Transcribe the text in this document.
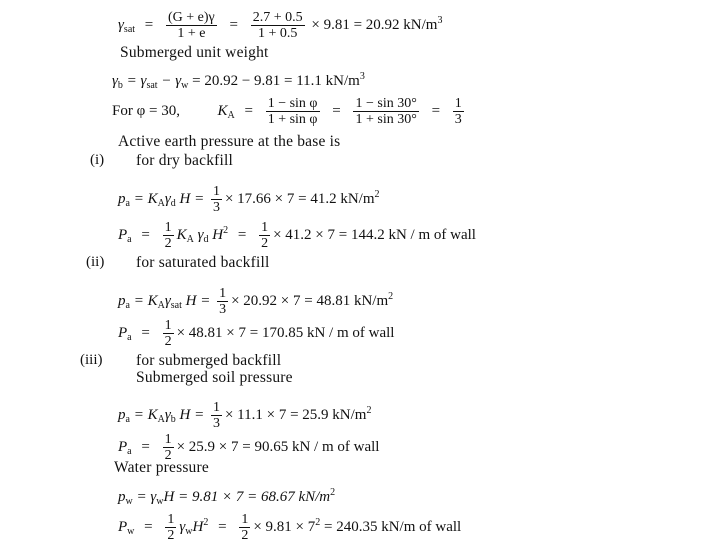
$\gamma_{sat} = \frac{(G + e)\gamma}{1 + e} = \frac{2.7 + 0.5}{1 + 0.5} \times 9.81 = 20.92$ $kN/m^3$
Submerged unit weight
$\gamma_b = \gamma_{sat} - \gamma_w = 20.92 - 9.81 = 11.1$ $kN/m^3$
For φ = 30,	$K_A = \frac{\text{1 − sin φ}}{\text{1 + sin φ}} = \frac{1 - \sin 30^\circ}{1 + \sin 30^\circ} = \frac{1}{3}$
Active earth pressure at the base is
(i) for dry backfill
$p_a = K_A\gamma_d$ $H = \frac{1}{3} \times 17.66 \times 7 = 41.2$ $kN/m^2$
$P_a = \frac{1}{2} K_A$ $\gamma_d$ $H^2 = \frac{1}{2} \times 41.2 \times 7 = 144.2$ kN / m of wall
(ii) for saturated backfill
$p_a = K_A\gamma_{sat}$ $H = \frac{1}{3} \times 20.92 \times 7 = 48.81$ $kN/m^2$
$P_a = \frac{1}{2} \times 48.81 \times 7 = 170.85$ kN / m of wall
(iii) for submerged backfill
Submerged soil pressure
$p_a = K_A\gamma_b$ $H = \frac{1}{3} \times 11.1 \times 7 = 25.9$ $kN/m^2$
$P_a = \frac{1}{2} \times 25.9 \times 7 = 90.65$ kN / m of wall
Water pressure
$p_w = \gamma_wH = 9.81 \times 7 = 68.67$ $kN/m^2$
$P_w = \frac{1}{2} \gamma_wH^2 = \frac{1}{2} \times 9.81 \times 7^2 = 240.35$ kN/m of wall
